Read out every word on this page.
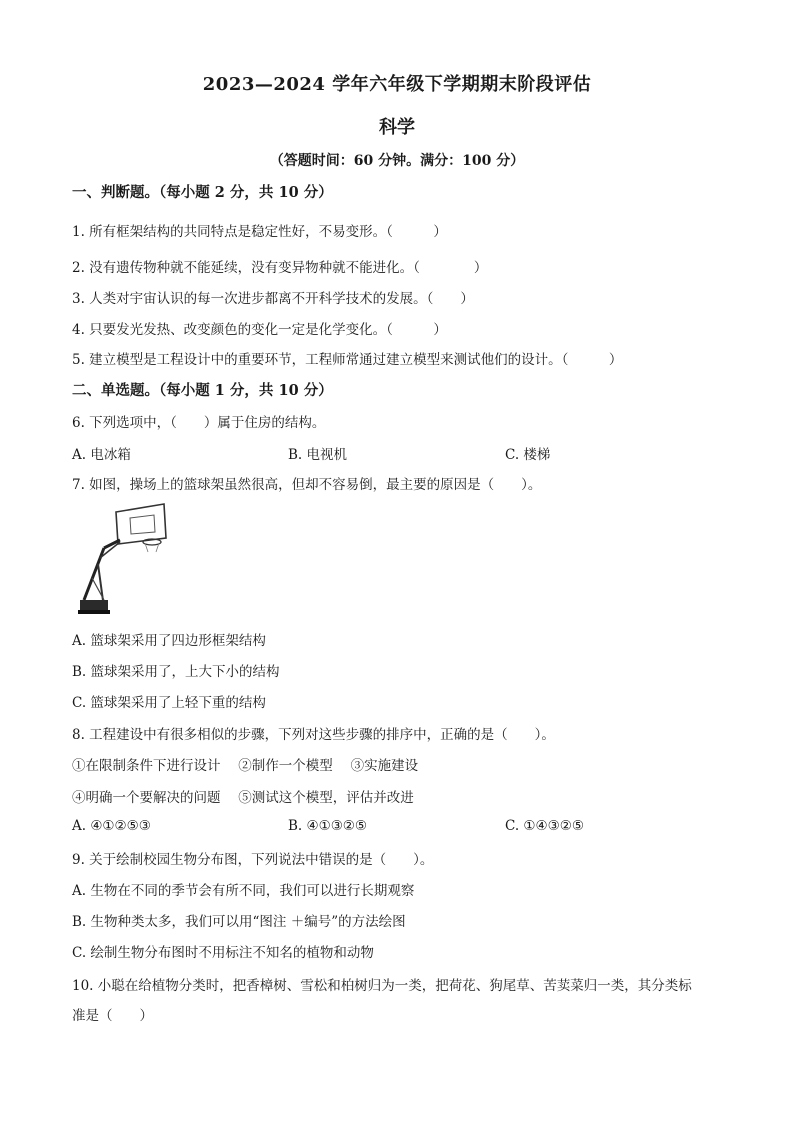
2023—2024 学年六年级下学期期末阶段评估
科学
（答题时间：60 分钟。满分：100 分）
一、判断题。（每小题 2 分，共 10 分）
1. 所有框架结构的共同特点是稳定性好，不易变形。（　　　）
2. 没有遗传物种就不能延续，没有变异物种就不能进化。（　　　　）
3. 人类对宇宙认识的每一次进步都离不开科学技术的发展。（　　）
4. 只要发光发热、改变颜色的变化一定是化学变化。（　　　）
5. 建立模型是工程设计中的重要环节，工程师常通过建立模型来测试他们的设计。（　　　）
二、单选题。（每小题 1 分，共 10 分）
6. 下列选项中，（　　）属于住房的结构。
A. 电冰箱	B. 电视机	C. 楼梯
7. 如图，操场上的篮球架虽然很高，但却不容易倒，最主要的原因是（　　）。
A. 篮球架采用了四边形框架结构
B. 篮球架采用了，上大下小的结构
C. 篮球架采用了上轻下重的结构
8. 工程建设中有很多相似的步骤，下列对这些步骤的排序中，正确的是（　　）。
①在限制条件下进行设计　 ②制作一个模型　 ③实施建设
④明确一个要解决的问题　 ⑤测试这个模型，评估并改进
A. ④①②⑤③	B. ④①③②⑤	C. ①④③②⑤
9. 关于绘制校园生物分布图，下列说法中错误的是（　　）。
A. 生物在不同的季节会有所不同，我们可以进行长期观察
B. 生物种类太多，我们可以用“图注 ＋编号”的方法绘图
C. 绘制生物分布图时不用标注不知名的植物和动物
10. 小聪在给植物分类时，把香樟树、雪松和柏树归为一类，把荷花、狗尾草、苦荬菜归一类，其分类标
准是（　　）
